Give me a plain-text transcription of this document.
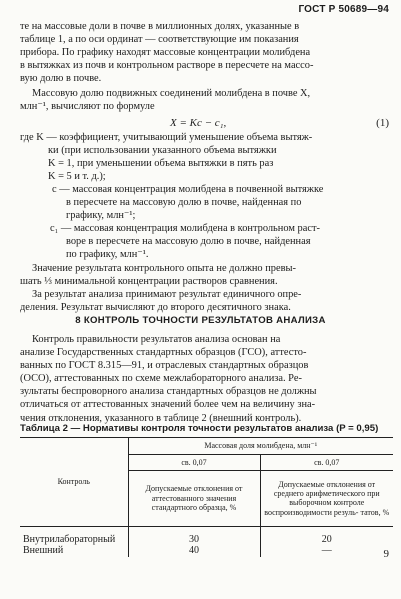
ГОСТ Р 50689—94
те на массовые доли в почве в миллионных долях, указанные в
таблице 1, а по оси ординат — соответствующие им показания
прибора. По графику находят массовые концентрации молибдена
в вытяжках из почв и контрольном растворе в пересчете на массо-
вую долю в почве.
Массовую долю подвижных соединений молибдена в почве X,
млн⁻¹, вычисляют по формуле
X = Kc − c₁,	(1)
где K — коэффициент, учитывающий уменьшение объема вытяж-
ки (при использовании указанного объема вытяжки
K = 1, при уменьшении объема вытяжки в пять раз
K = 5 и т. д.);
c — массовая концентрация молибдена в почвенной вытяжке
в пересчете на массовую долю в почве, найденная по
графику, млн⁻¹;
c₁ — массовая концентрация молибдена в контрольном раст-
воре в пересчете на массовую долю в почве, найденная
по графику, млн⁻¹.
Значение результата контрольного опыта не должно превы-
шать ⅓ минимальной концентрации растворов сравнения.
За результат анализа принимают результат единичного опре-
деления. Результат вычисляют до второго десятичного знака.
8 КОНТРОЛЬ ТОЧНОСТИ РЕЗУЛЬТАТОВ АНАЛИЗА
Контроль правильности результатов анализа основан на
анализе Государственных стандартных образцов (ГСО), аттесто-
ванных по ГОСТ 8.315—91, и отраслевых стандартных образцов
(ОСО), аттестованных по схеме межлабораторного анализа. Ре-
зультаты беспроворного анализа стандартных образцов не должны
отличаться от аттестованных значений более чем на величину зна-
чения отклонения, указанного в таблице 2 (внешний контроль).
Таблица 2 — Нормативы контроля точности результатов анализа (P = 0,95)
Контроль	Массовая доля молибдена, млн⁻¹	
	св. 0,07	св. 0,07
	Допускаемые отклонения от аттестованного значения стандартного образца, %	Допускаемые отклонения от среднего арифметического при выборочном контроле воспроизводимости резуль- татов, %
Внутрилабораторный	30	20
Внешний	40	—	9
